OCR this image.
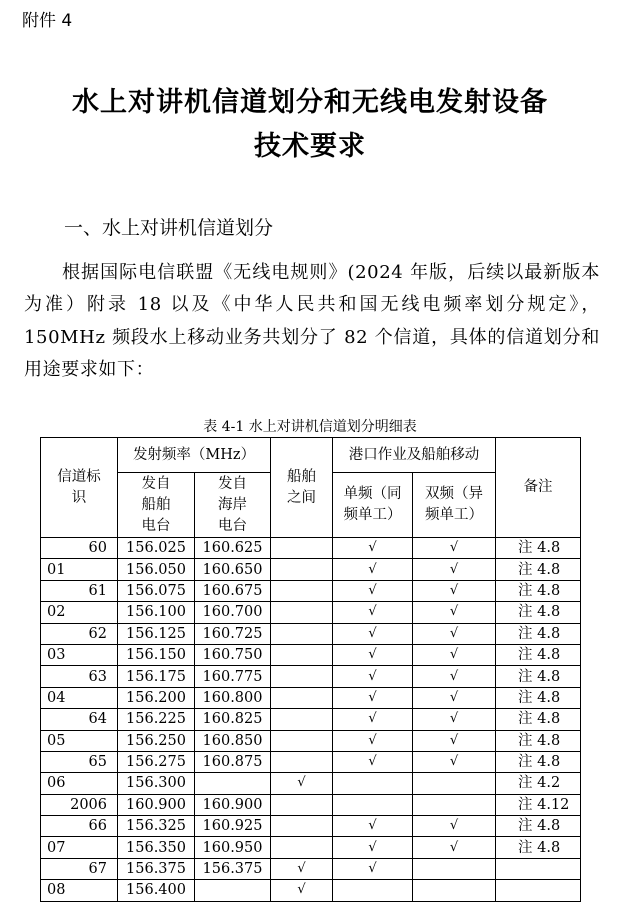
附件 4
水上对讲机信道划分和无线电发射设备
技术要求
一、水上对讲机信道划分
根据国际电信联盟《无线电规则》(2024 年版，后续以最新版本为准）附录 18 以及《中华人民共和国无线电频率划分规定》，150MHz 频段水上移动业务共划分了 82 个信道，具体的信道划分和用途要求如下：
表 4-1 水上对讲机信道划分明细表
信道标识	发射频率（MHz）		船舶之间	港口作业及船舶移动		备注

	发自船舶电台	发自海岸电台		单频（同频单工）	双频（异频单工）	

60	156.025	160.625		√	√	注 4.8
01	156.050	160.650		√	√	注 4.8
61	156.075	160.675		√	√	注 4.8
02	156.100	160.700		√	√	注 4.8
62	156.125	160.725		√	√	注 4.8
03	156.150	160.750		√	√	注 4.8
63	156.175	160.775		√	√	注 4.8
04	156.200	160.800		√	√	注 4.8
64	156.225	160.825		√	√	注 4.8
05	156.250	160.850		√	√	注 4.8
65	156.275	160.875		√	√	注 4.8
06	156.300		√			注 4.2
2006	160.900	160.900				注 4.12
66	156.325	160.925		√	√	注 4.8
07	156.350	160.950		√	√	注 4.8
67	156.375	156.375	√	√		
08	156.400		√			
